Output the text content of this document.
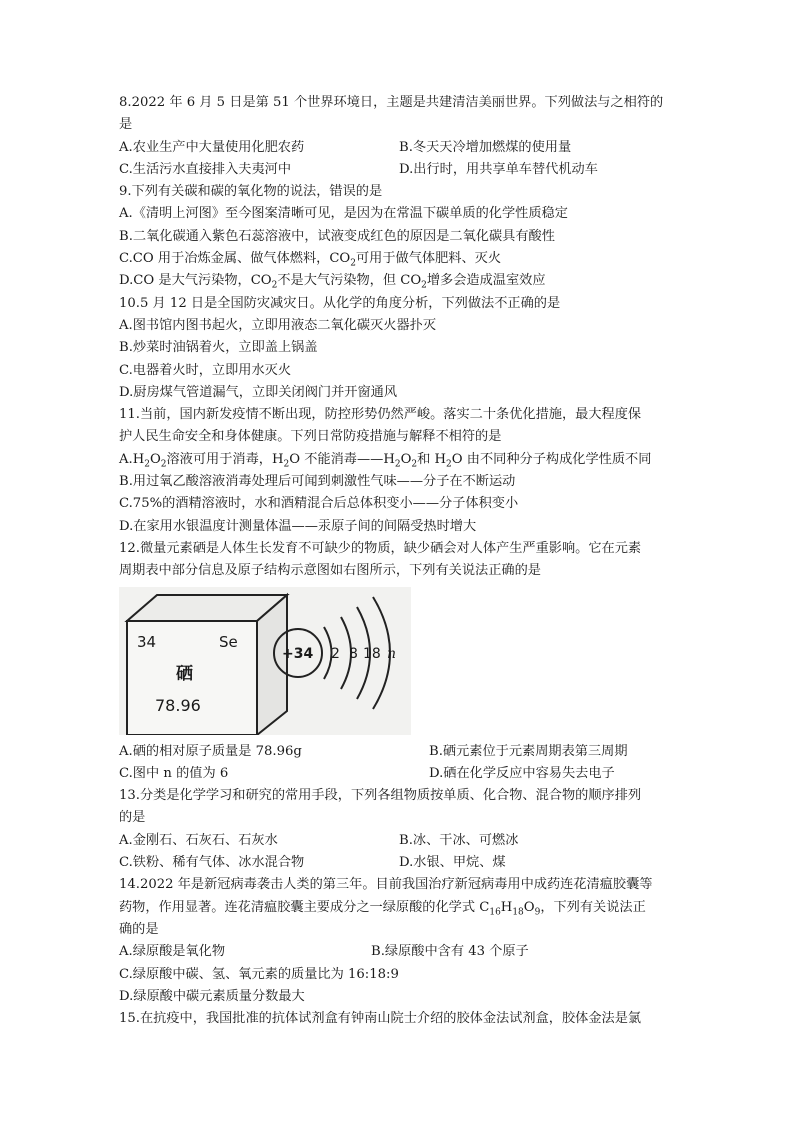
8.2022 年 6 月 5 日是第 51 个世界环境日，主题是共建清洁美丽世界。下列做法与之相符的
是
A.农业生产中大量使用化肥农药	B.冬天天冷增加燃煤的使用量
C.生活污水直接排入夫夷河中	D.出行时，用共享单车替代机动车
9.下列有关碳和碳的氧化物的说法，错误的是
A.《清明上河图》至今图案清晰可见，是因为在常温下碳单质的化学性质稳定
B.二氧化碳通入紫色石蕊溶液中，试液变成红色的原因是二氧化碳具有酸性
C.CO 用于冶炼金属、做气体燃料，$CO_2$可用于做气体肥料、灭火
D.CO 是大气污染物，$CO_2$不是大气污染物，但 $CO_2$增多会造成温室效应
10.5 月 12 日是全国防灾减灾日。从化学的角度分析，下列做法不正确的是
A.图书馆内图书起火，立即用液态二氧化碳灭火器扑灭
B.炒菜时油锅着火，立即盖上锅盖
C.电器着火时，立即用水灭火
D.厨房煤气管道漏气，立即关闭阀门并开窗通风
11.当前，国内新发疫情不断出现，防控形势仍然严峻。落实二十条优化措施，最大程度保
护人民生命安全和身体健康。下列日常防疫措施与解释不相符的是
$A.H_2O_2$溶液可用于消毒，$H_2O$ 不能消毒$——H_2O_2$和 $H_2O$ 由不同种分子构成化学性质不同
B.用过氧乙酸溶液消毒处理后可闻到刺激性气味——分子在不断运动
C.75%的酒精溶液时，水和酒精混合后总体积变小——分子体积变小
D.在家用水银温度计测量体温——汞原子间的间隔受热时增大
12.微量元素硒是人体生长发育不可缺少的物质，缺少硒会对人体产生严重影响。它在元素
周期表中部分信息及原子结构示意图如右图所示，下列有关说法正确的是
34	Se
硒
78.96
+34 2 8 18 n
A.硒的相对原子质量是 78.96g	B.硒元素位于元素周期表第三周期
C.图中 n 的值为 6	D.硒在化学反应中容易失去电子
13.分类是化学学习和研究的常用手段，下列各组物质按单质、化合物、混合物的顺序排列
的是
A.金刚石、石灰石、石灰水	B.冰、干冰、可燃冰
C.铁粉、稀有气体、冰水混合物	D.水银、甲烷、煤
14.2022 年是新冠病毒袭击人类的第三年。目前我国治疗新冠病毒用中成药连花清瘟胶囊等
药物，作用显著。连花清瘟胶囊主要成分之一绿原酸的化学式 $C_{16}H_{18}O_9$，下列有关说法正
确的是
A.绿原酸是氧化物	B.绿原酸中含有 43 个原子
C.绿原酸中碳、氢、氧元素的质量比为 16:18:9
D.绿原酸中碳元素质量分数最大
15.在抗疫中，我国批准的抗体试剂盒有钟南山院士介绍的胶体金法试剂盒，胶体金法是氯
